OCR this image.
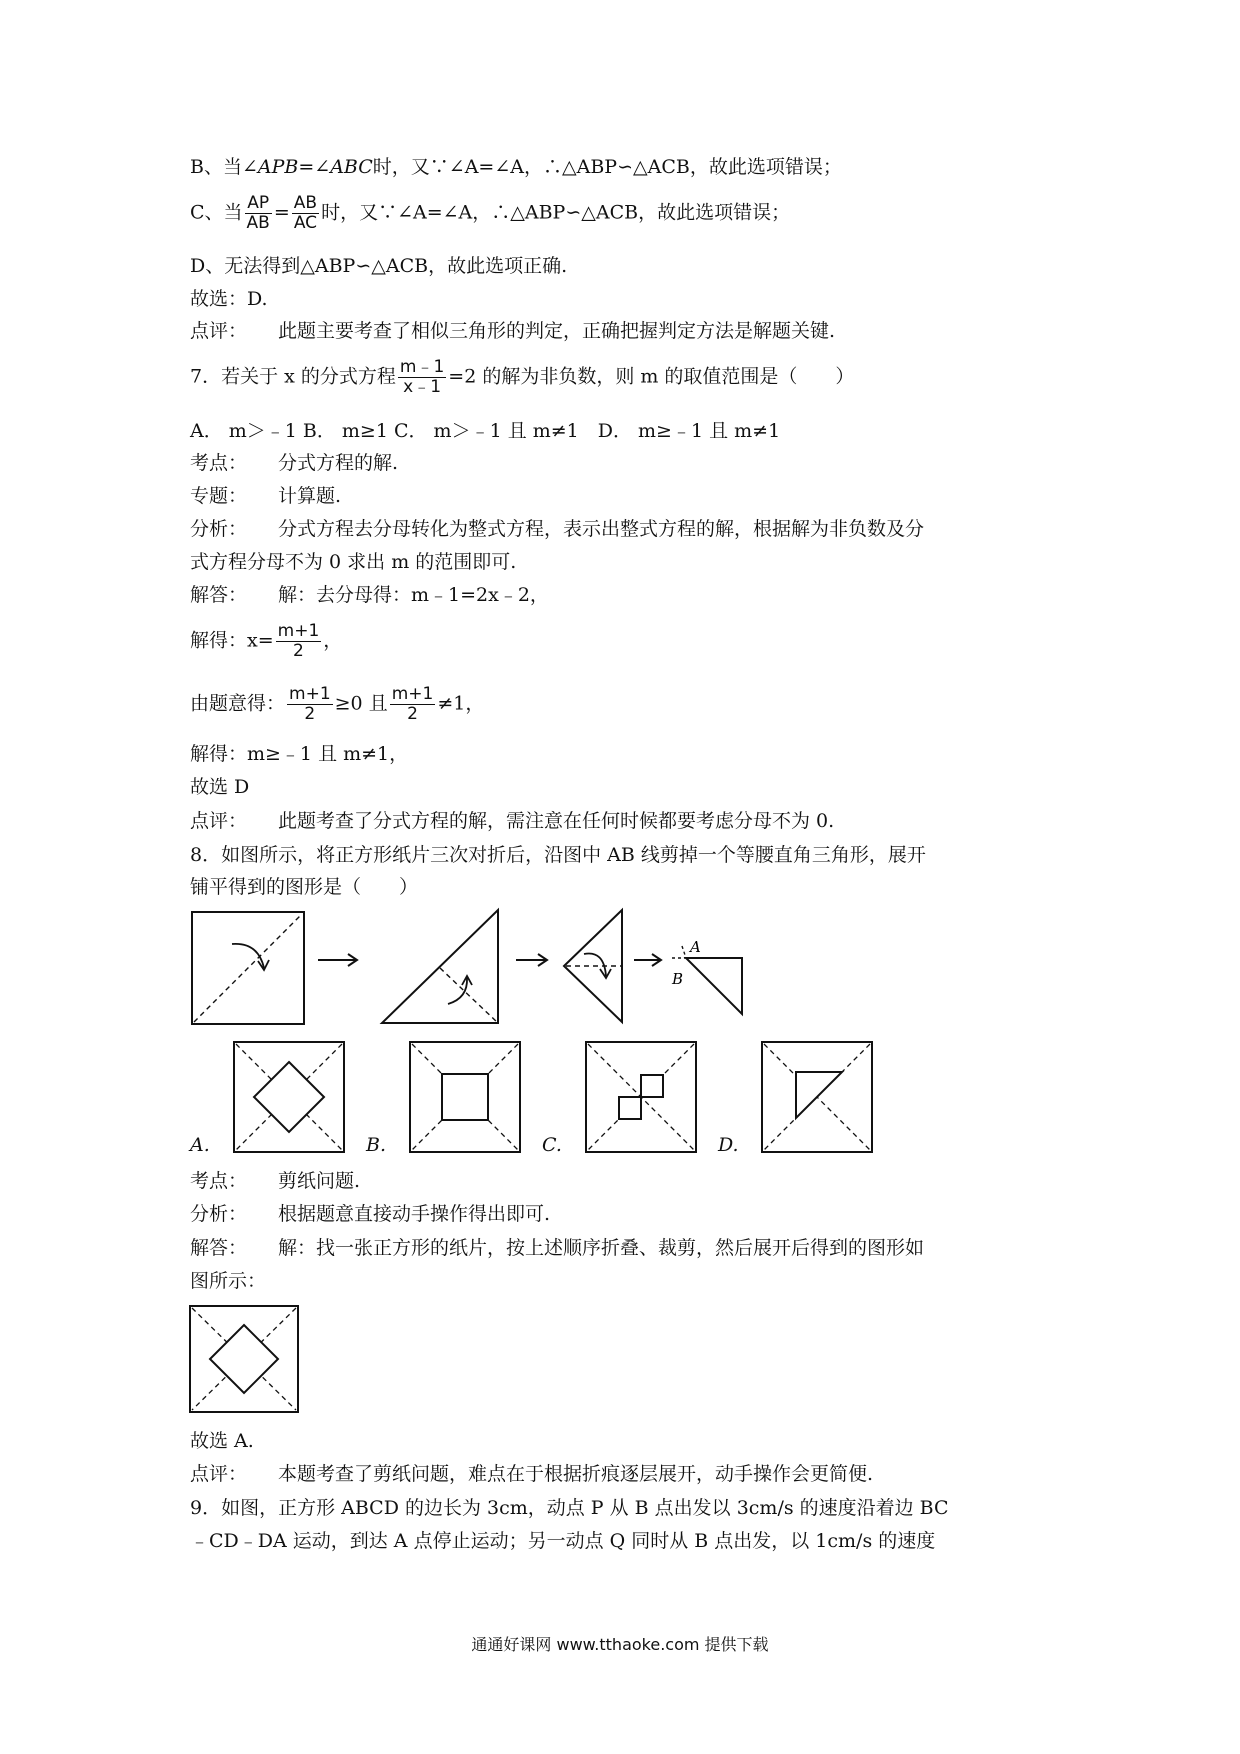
B、当∠APB=∠ABC时，又∵∠A=∠A，∴△ABP∽△ACB，故此选项错误；
C、当 $\frac{AP}{AB} = \frac{AB}{AC}$ 时，又∵∠A=∠A，∴△ABP∽△ACB，故此选项错误；
D、无法得到△ABP∽△ACB，故此选项正确.
故选：D.
点评： 此题主要考查了相似三角形的判定，正确把握判定方法是解题关键.
7．若关于 x 的分式方程 $\frac{m﹣1}{x﹣1} =2$ 的解为非负数，则 m 的取值范围是（　　）
A． m＞﹣1 B． m≥1 C． m＞﹣1 且 m≠1　D． m≥﹣1 且 m≠1
考点： 分式方程的解.
专题： 计算题.
分析： 分式方程去分母转化为整式方程，表示出整式方程的解，根据解为非负数及分
式方程分母不为 0 求出 m 的范围即可.
解答： 解：去分母得：m﹣1=2x﹣2，
解得：$x= \frac{m+1}{2}$ ，
由题意得： $\frac{m+1}{2} \ge 0$ 且 $\frac{m+1}{2} \ne 1$，
解得：m≥﹣1 且 m≠1，
故选 D
点评： 此题考查了分式方程的解，需注意在任何时候都要考虑分母不为 0.
8．如图所示，将正方形纸片三次对折后，沿图中 AB 线剪掉一个等腰直角三角形，展开
铺平得到的图形是（　　）
A
B
A.	B.	C.	D.
考点： 剪纸问题.
分析： 根据题意直接动手操作得出即可.
解答： 解：找一张正方形的纸片，按上述顺序折叠、裁剪，然后展开后得到的图形如
图所示：
故选 A.
点评： 本题考查了剪纸问题，难点在于根据折痕逐层展开，动手操作会更简便.
9．如图，正方形 ABCD 的边长为 3cm，动点 P 从 B 点出发以 3cm/s 的速度沿着边 BC
﹣CD﹣DA 运动，到达 A 点停止运动；另一动点 Q 同时从 B 点出发，以 1cm/s 的速度
通通好课网 www.tthaoke.com 提供下载
